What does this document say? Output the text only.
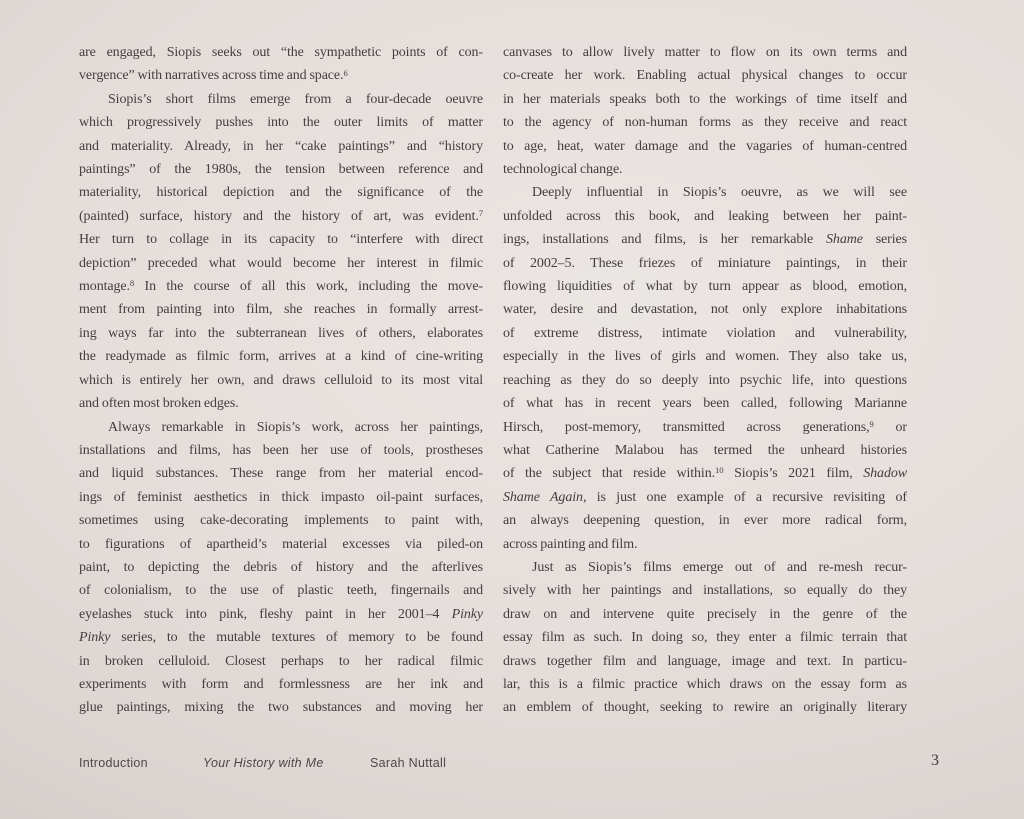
are engaged, Siopis seeks out “the sympathetic points of con-
vergence” with narratives across time and space.$^6$
Siopis’s short films emerge from a four-decade oeuvre
which progressively pushes into the outer limits of matter
and materiality. Already, in her “cake paintings” and “history
paintings” of the 1980s, the tension between reference and
materiality, historical depiction and the significance of the
(painted) surface, history and the history of art, was evident.$^7$
Her turn to collage in its capacity to “interfere with direct
depiction” preceded what would become her interest in filmic
montage.$^8$ In the course of all this work, including the move-
ment from painting into film, she reaches in formally arrest-
ing ways far into the subterranean lives of others, elaborates
the readymade as filmic form, arrives at a kind of cine-writing
which is entirely her own, and draws celluloid to its most vital
and often most broken edges.
Always remarkable in Siopis’s work, across her paintings,
installations and films, has been her use of tools, prostheses
and liquid substances. These range from her material encod-
ings of feminist aesthetics in thick impasto oil-paint surfaces,
sometimes using cake-decorating implements to paint with,
to figurations of apartheid’s material excesses via piled-on
paint, to depicting the debris of history and the afterlives
of colonialism, to the use of plastic teeth, fingernails and
eyelashes stuck into pink, fleshy paint in her 2001–4 Pinky
Pinky series, to the mutable textures of memory to be found
in broken celluloid. Closest perhaps to her radical filmic
experiments with form and formlessness are her ink and
glue paintings, mixing the two substances and moving her
canvases to allow lively matter to flow on its own terms and
co-create her work. Enabling actual physical changes to occur
in her materials speaks both to the workings of time itself and
to the agency of non-human forms as they receive and react
to age, heat, water damage and the vagaries of human-centred
technological change.
Deeply influential in Siopis’s oeuvre, as we will see
unfolded across this book, and leaking between her paint-
ings, installations and films, is her remarkable Shame series
of 2002–5. These friezes of miniature paintings, in their
flowing liquidities of what by turn appear as blood, emotion,
water, desire and devastation, not only explore inhabitations
of extreme distress, intimate violation and vulnerability,
especially in the lives of girls and women. They also take us,
reaching as they do so deeply into psychic life, into questions
of what has in recent years been called, following Marianne
Hirsch, post-memory, transmitted across generations,$^9$ or
what Catherine Malabou has termed the unheard histories
of the subject that reside within.$^{10}$ Siopis’s 2021 film, Shadow
Shame Again, is just one example of a recursive revisiting of
an always deepening question, in ever more radical form,
across painting and film.
Just as Siopis’s films emerge out of and re-mesh recur-
sively with her paintings and installations, so equally do they
draw on and intervene quite precisely in the genre of the
essay film as such. In doing so, they enter a filmic terrain that
draws together film and language, image and text. In particu-
lar, this is a filmic practice which draws on the essay form as
an emblem of thought, seeking to rewire an originally literary
Introduction	Your History with Me	Sarah Nuttall	3
